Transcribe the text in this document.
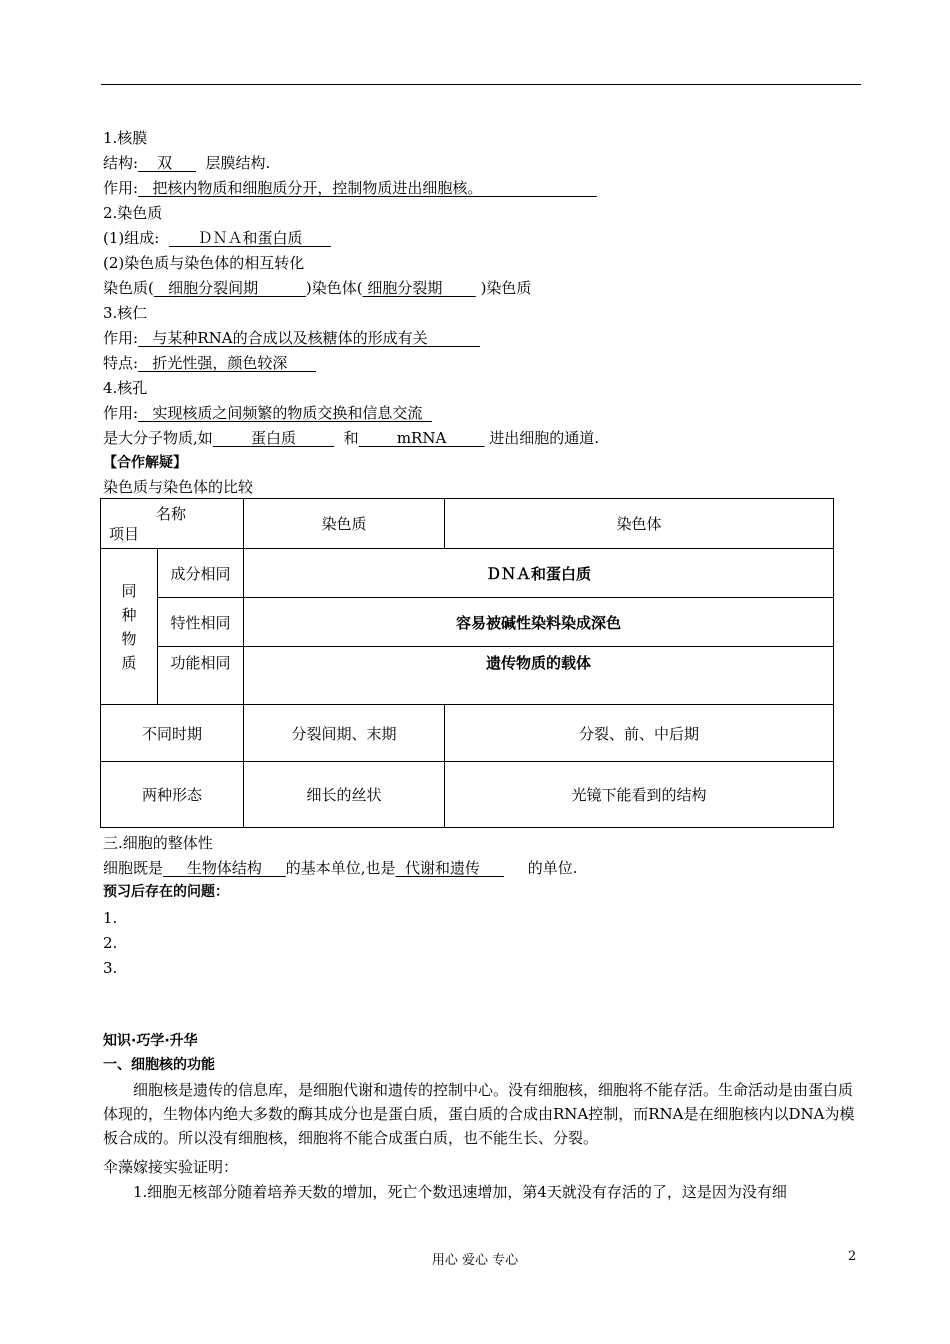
1.核膜
结构: 双 层膜结构.
作用: 把核内物质和细胞质分开，控制物质进出细胞核。
2.染色质
(1)组成:	ＤＮＡ和蛋白质
(2)染色质与染色体的相互转化
染色质( 细胞分裂间期	)染色体( 细胞分裂期	)染色质
3.核仁
作用: 与某种RNA的合成以及核糖体的形成有关
特点: 折光性强，颜色较深
4.核孔
作用: 实现核质之间频繁的物质交换和信息交流
是大分子物质,如	蛋白质	和	mRNA	进出细胞的通道.
【合作解疑】
染色质与染色体的比较
名称
项目		染色质	染色体

同
种
物
质	成分相同	ＤＮＡ和蛋白质	
	特性相同	容易被碱性染料染成深色	
	功能相同	遗传物质的载体	
不同时期		分裂间期、末期	分裂、前、中后期
两种形态		细长的丝状	光镜下能看到的结构
三.细胞的整体性
细胞既是 生物体结构 的基本单位,也是 代谢和遗传	的单位.
预习后存在的问题：
1.
2.
3.
知识·巧学·升华
一、细胞核的功能
细胞核是遗传的信息库，是细胞代谢和遗传的控制中心。没有细胞核，细胞将不能存活。生命活动是由蛋白质体现的，生物体内绝大多数的酶其成分也是蛋白质，蛋白质的合成由RNA控制，而RNA是在细胞核内以DNA为模板合成的。所以没有细胞核，细胞将不能合成蛋白质，也不能生长、分裂。
伞藻嫁接实验证明：
1.细胞无核部分随着培养天数的增加，死亡个数迅速增加，第4天就没有存活的了，这是因为没有细
用心 爱心 专心	2
